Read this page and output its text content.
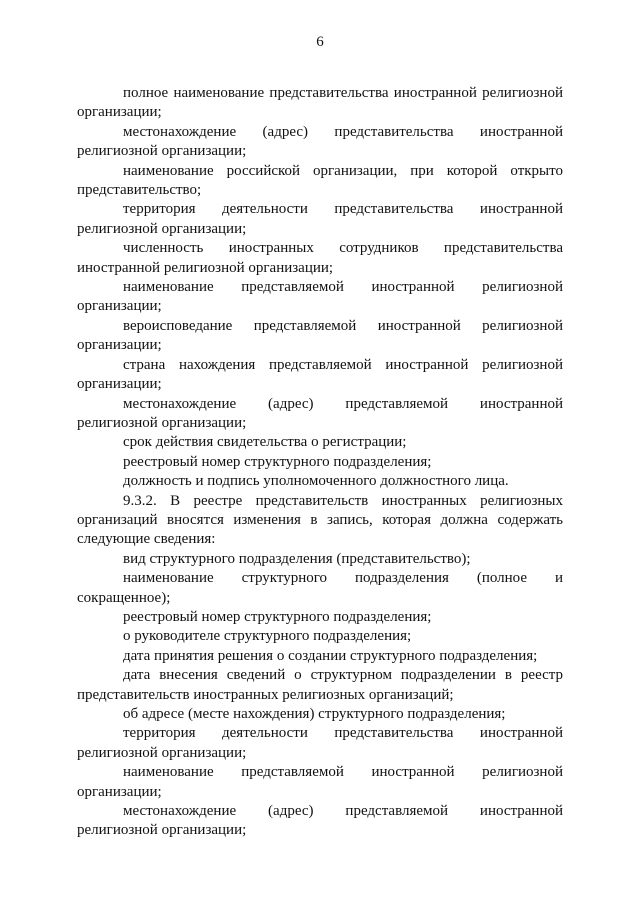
6

полное наименование представительства иностранной религиозной организации;

местонахождение (адрес) представительства иностранной религиозной организации;

наименование российской организации, при которой открыто представительство;

территория деятельности представительства иностранной религиозной организации;

численность иностранных сотрудников представительства иностранной религиозной организации;

наименование представляемой иностранной религиозной организации;

вероисповедание представляемой иностранной религиозной организации;

страна нахождения представляемой иностранной религиозной организации;

местонахождение (адрес) представляемой иностранной религиозной организации;

срок действия свидетельства о регистрации;

реестровый номер структурного подразделения;

должность и подпись уполномоченного должностного лица.

9.3.2. В реестре представительств иностранных религиозных организаций вносятся изменения в запись, которая должна содержать следующие сведения:

вид структурного подразделения (представительство);

наименование структурного подразделения (полное и сокращенное);

реестровый номер структурного подразделения;

о руководителе структурного подразделения;

дата принятия решения о создании структурного подразделения;

дата внесения сведений о структурном подразделении в реестр представительств иностранных религиозных организаций;

об адресе (месте нахождения) структурного подразделения;

территория деятельности представительства иностранной религиозной организации;

наименование представляемой иностранной религиозной организации;

местонахождение (адрес) представляемой иностранной религиозной организации;
